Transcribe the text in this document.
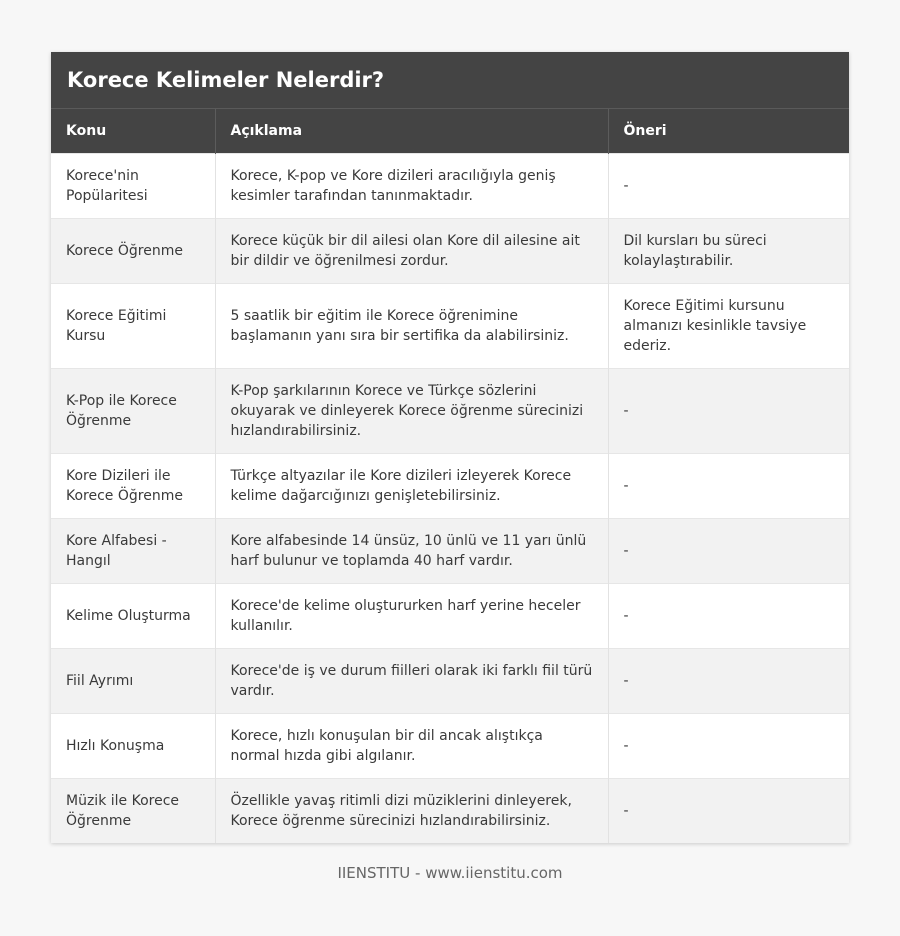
Korece Kelimeler Nelerdir?
Konu	Açıklama	Öneri
Korece'nin Popülaritesi	Korece, K-pop ve Kore dizileri aracılığıyla geniş kesimler tarafından tanınmaktadır.	-
Korece Öğrenme	Korece küçük bir dil ailesi olan Kore dil ailesine ait bir dildir ve öğrenilmesi zordur.	Dil kursları bu süreci kolaylaştırabilir.
Korece Eğitimi Kursu	5 saatlik bir eğitim ile Korece öğrenimine başlamanın yanı sıra bir sertifika da alabilirsiniz.	Korece Eğitimi kursunu almanızı kesinlikle tavsiye ederiz.
K-Pop ile Korece Öğrenme	K-Pop şarkılarının Korece ve Türkçe sözlerini okuyarak ve dinleyerek Korece öğrenme sürecinizi hızlandırabilirsiniz.	-
Kore Dizileri ile Korece Öğrenme	Türkçe altyazılar ile Kore dizileri izleyerek Korece kelime dağarcığınızı genişletebilirsiniz.	-
Kore Alfabesi - Hangıl	Kore alfabesinde 14 ünsüz, 10 ünlü ve 11 yarı ünlü harf bulunur ve toplamda 40 harf vardır.	-
Kelime Oluşturma	Korece'de kelime oluştururken harf yerine heceler kullanılır.	-
Fiil Ayrımı	Korece'de iş ve durum fiilleri olarak iki farklı fiil türü vardır.	-
Hızlı Konuşma	Korece, hızlı konuşulan bir dil ancak alıştıkça normal hızda gibi algılanır.	-
Müzik ile Korece Öğrenme	Özellikle yavaş ritimli dizi müziklerini dinleyerek, Korece öğrenme sürecinizi hızlandırabilirsiniz.	-
IIENSTITU - www.iienstitu.com
